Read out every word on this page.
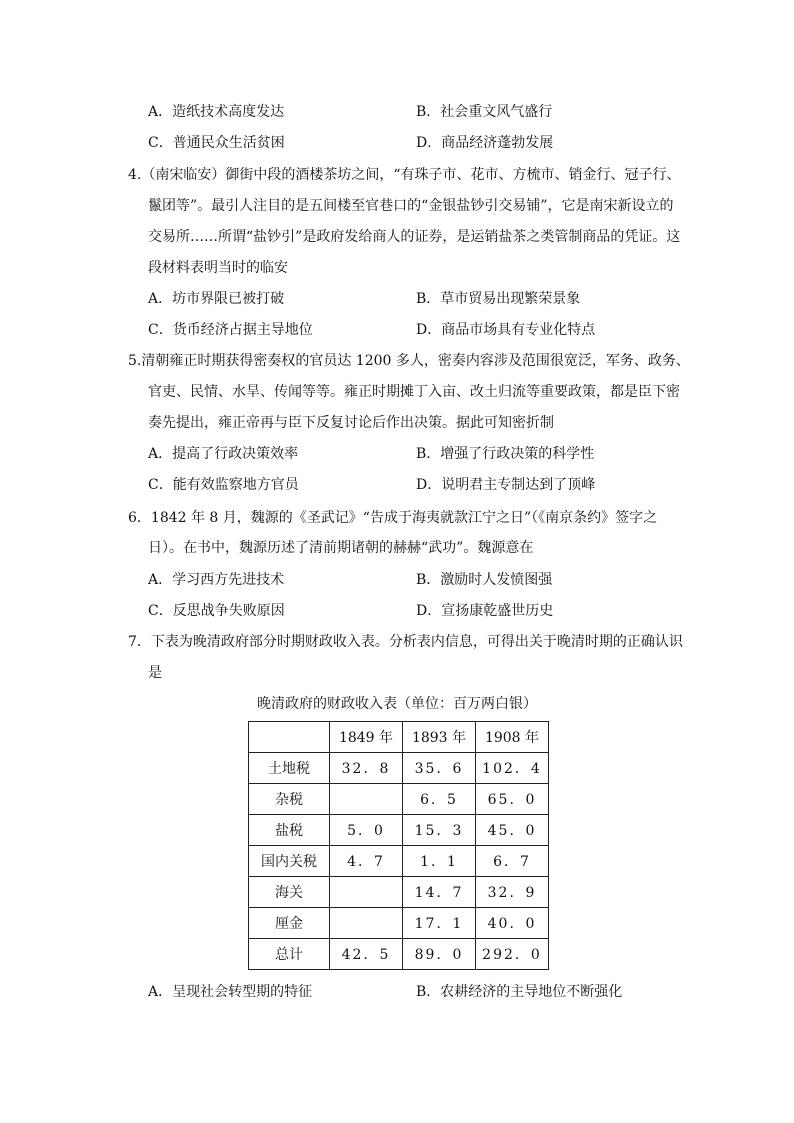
A．造纸技术高度发达	B．社会重文风气盛行
C．普通民众生活贫困	D．商品经济蓬勃发展
4.（南宋临安）御街中段的酒楼茶坊之间，“有珠子市、花市、方梳市、销金行、冠子行、
鬣团等”。最引人注目的是五间楼至官巷口的“金银盐钞引交易铺”，它是南宋新设立的
交易所……所谓“盐钞引”是政府发给商人的证券，是运销盐茶之类管制商品的凭证。这
段材料表明当时的临安
A．坊市界限已被打破	B．草市贸易出现繁荣景象
C．货币经济占据主导地位	D．商品市场具有专业化特点
5.清朝雍正时期获得密奏权的官员达 1200 多人，密奏内容涉及范围很宽泛，军务、政务、
官吏、民情、水旱、传闻等等。雍正时期摊丁入亩、改土归流等重要政策，都是臣下密
奏先提出，雍正帝再与臣下反复讨论后作出决策。据此可知密折制
A．提高了行政决策效率	B．增强了行政决策的科学性
C．能有效监察地方官员	D．说明君主专制达到了顶峰
6．1842 年 8 月，魏源的《圣武记》“告成于海夷就款江宁之日”（《南京条约》签字之
日）。在书中，魏源历述了清前期诸朝的赫赫“武功”。魏源意在
A．学习西方先进技术	B．激励时人发愤图强
C．反思战争失败原因	D．宣扬康乾盛世历史
7．下表为晚清政府部分时期财政收入表。分析表内信息，可得出关于晚清时期的正确认识
是
晚清政府的财政收入表（单位：百万两白银）
	1849 年	1893 年	1908 年
土地税	32．8	35．6	102．4
杂税		6．5	65．0
盐税	5．0	15．3	45．0
国内关税	4．7	1．1	6．7
海关		14．7	32．9
厘金		17．1	40．0
总计	42．5	89．0	292．0
A．呈现社会转型期的特征	B．农耕经济的主导地位不断强化
